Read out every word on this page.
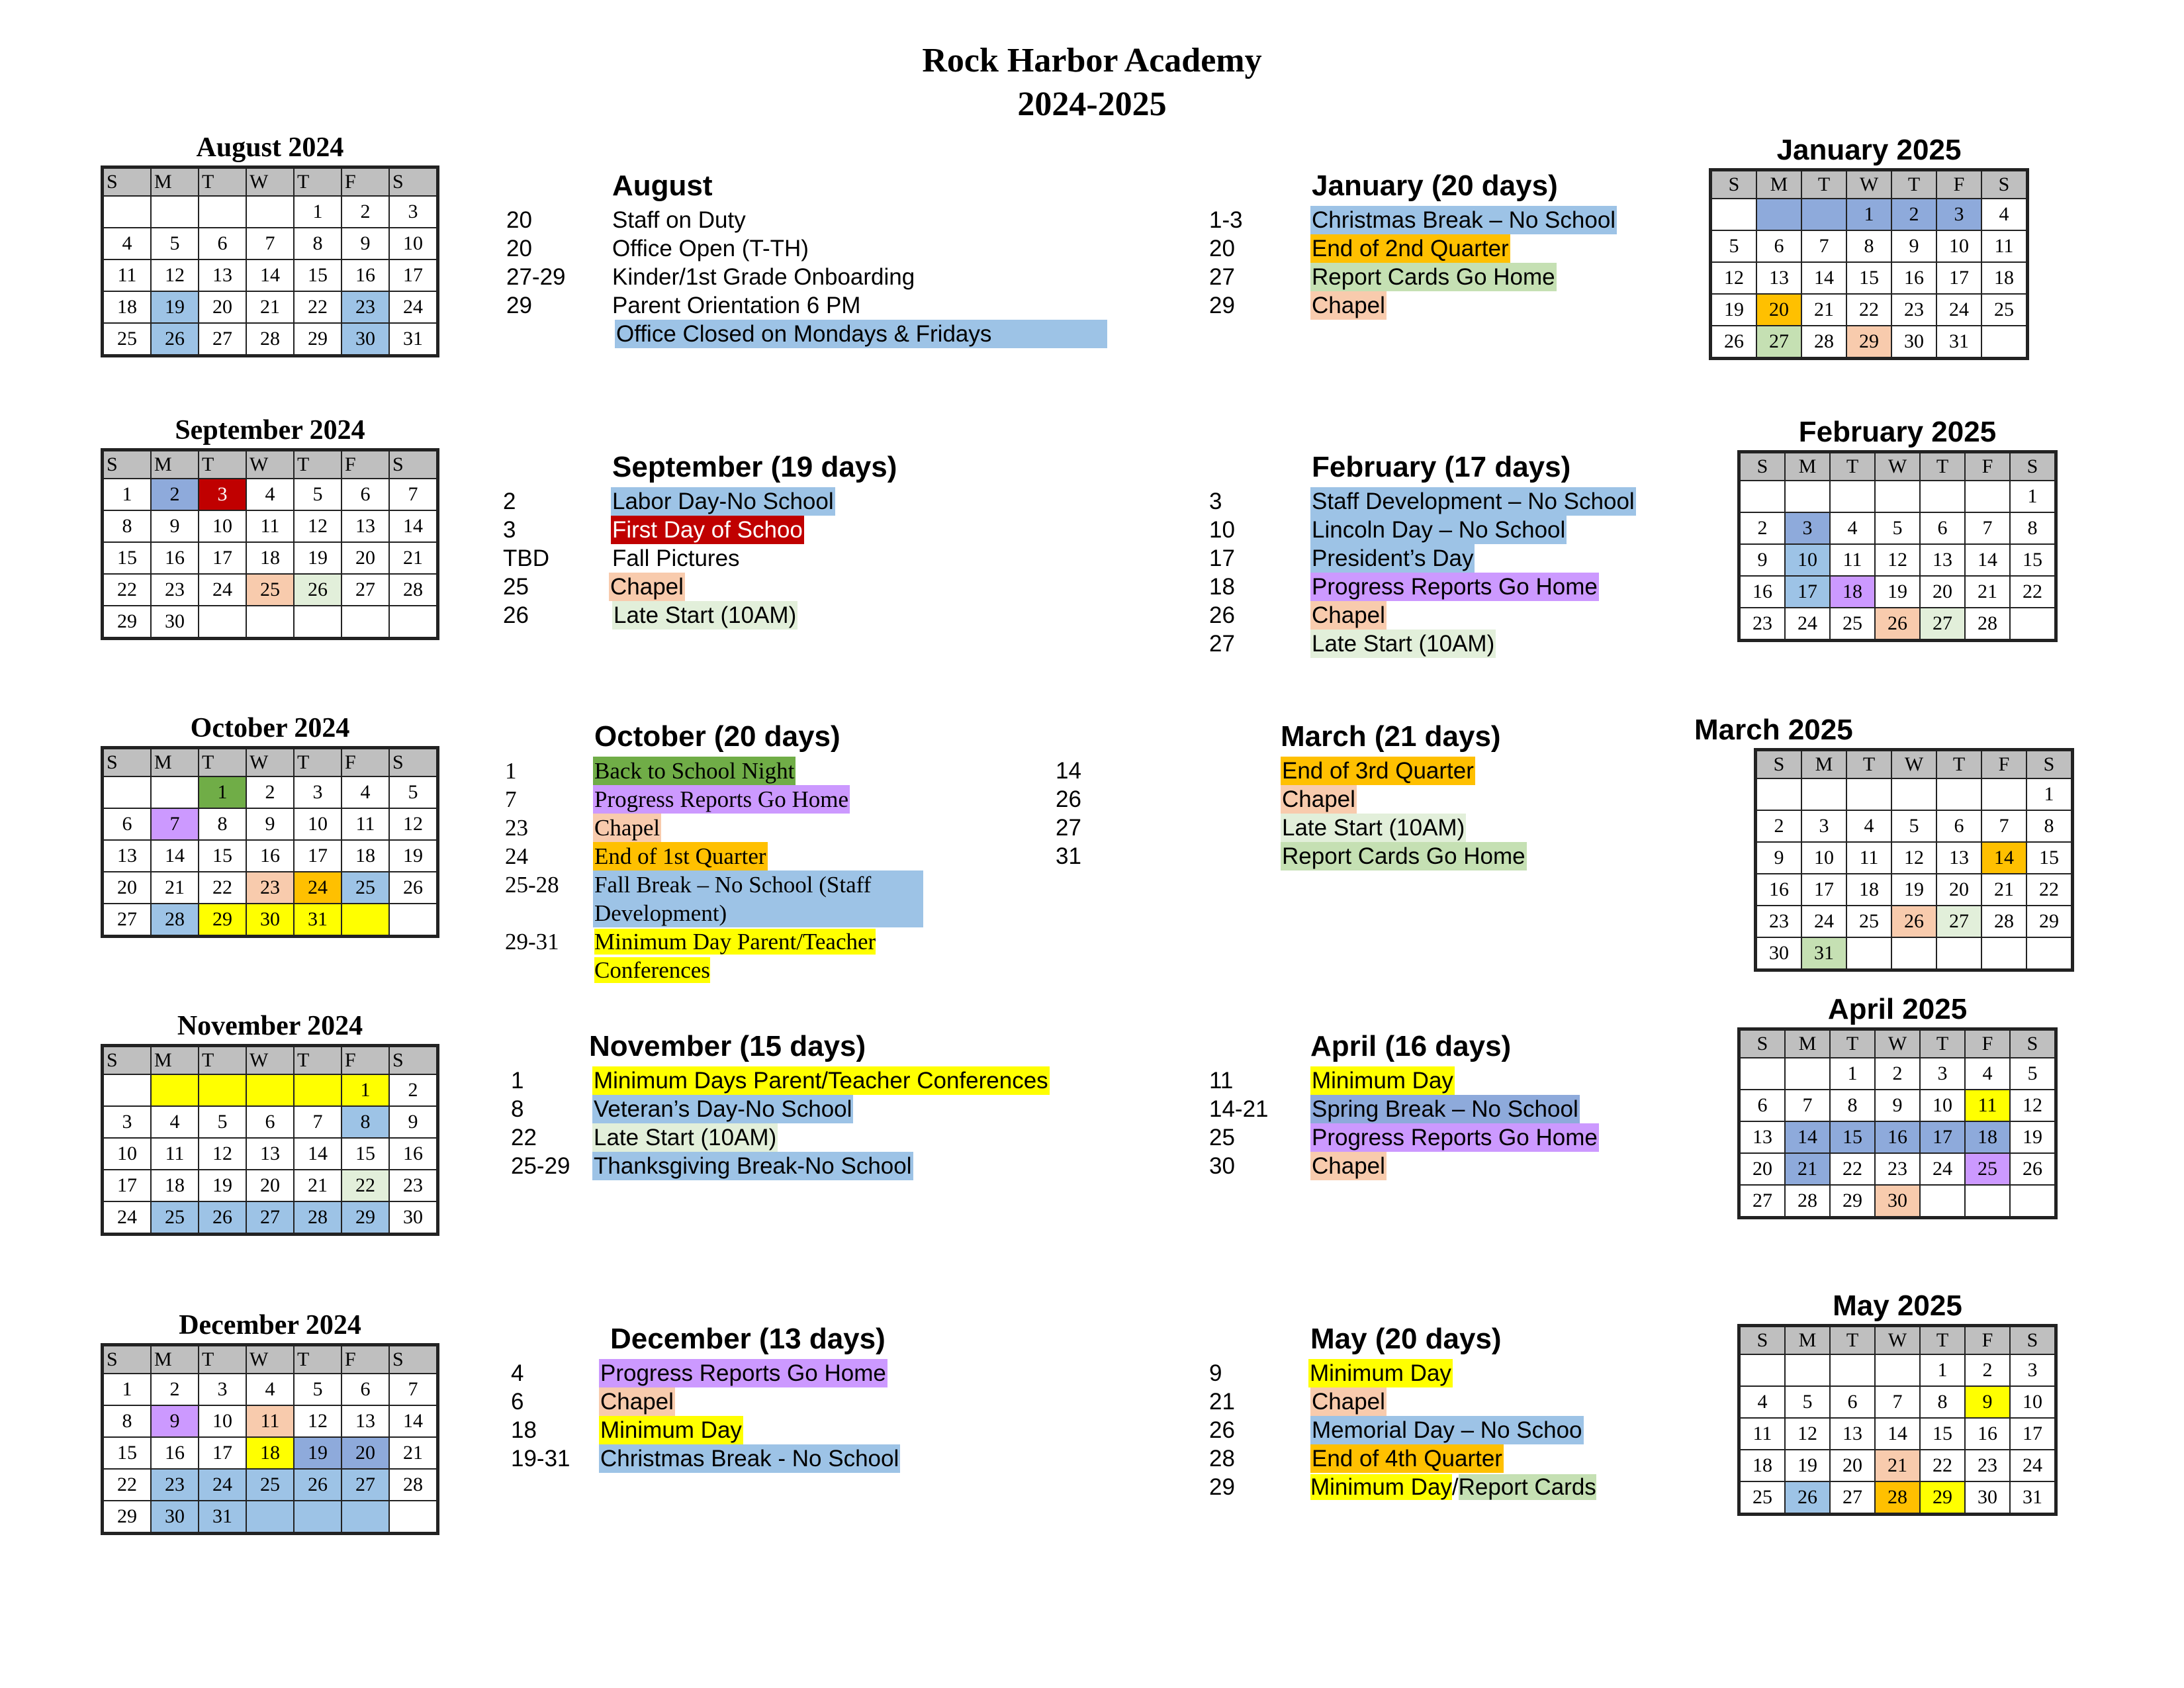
Rock Harbor Academy
2024-2025
August 2024
S	M	T	W	T	F	S
				1	2	3
4	5	6	7	8	9	10
11	12	13	14	15	16	17
18	19	20	21	22	23	24
25	26	27	28	29	30	31
September 2024
S	M	T	W	T	F	S
1	2	3	4	5	6	7
8	9	10	11	12	13	14
15	16	17	18	19	20	21
22	23	24	25	26	27	28
29	30					
October 2024
S	M	T	W	T	F	S
		1	2	3	4	5
6	7	8	9	10	11	12
13	14	15	16	17	18	19
20	21	22	23	24	25	26
27	28	29	30	31		
November 2024
S	M	T	W	T	F	S
					1	2
3	4	5	6	7	8	9
10	11	12	13	14	15	16
17	18	19	20	21	22	23
24	25	26	27	28	29	30
December 2024
S	M	T	W	T	F	S
1	2	3	4	5	6	7
8	9	10	11	12	13	14
15	16	17	18	19	20	21
22	23	24	25	26	27	28
29	30	31				
January 2025
S	M	T	W	T	F	S
			1	2	3	4
5	6	7	8	9	10	11
12	13	14	15	16	17	18
19	20	21	22	23	24	25
26	27	28	29	30	31	
February 2025
S	M	T	W	T	F	S
						1
2	3	4	5	6	7	8
9	10	11	12	13	14	15
16	17	18	19	20	21	22
23	24	25	26	27	28	
March 2025
S	M	T	W	T	F	S
						1
2	3	4	5	6	7	8
9	10	11	12	13	14	15
16	17	18	19	20	21	22
23	24	25	26	27	28	29
30	31					
April 2025
S	M	T	W	T	F	S
		1	2	3	4	5
6	7	8	9	10	11	12
13	14	15	16	17	18	19
20	21	22	23	24	25	26
27	28	29	30			
May 2025
S	M	T	W	T	F	S
				1	2	3
4	5	6	7	8	9	10
11	12	13	14	15	16	17
18	19	20	21	22	23	24
25	26	27	28	29	30	31
August
20	Staff on Duty
20	Office Open (T-TH)
27-29 Kinder/1st Grade Onboarding
29	Parent Orientation 6 PM
Office Closed on Mondays & Fridays
September (19 days)
2	Labor Day-No School
3	First Day of Schoo
TBD	Fall Pictures
25	Chapel
26	Late Start (10AM)
October (20 days)
1	Back to School Night
7	Progress Reports Go Home
23	Chapel
24	End of 1st Quarter
25-28 Fall Break – No School (Staff Development)
29-31 Minimum Day Parent/Teacher Conferences
November (15 days)
1	Minimum Days Parent/Teacher Conferences
8	Veteran’s Day-No School
22 Late Start (10AM)
25-29 Thanksgiving Break-No School
December (13 days)
4	Progress Reports Go Home
6	Chapel
18	Minimum Day
19-31 Christmas Break - No School
January (20 days)
1-3	Christmas Break – No School
20	End of 2nd Quarter
27	Report Cards Go Home
29	Chapel
February (17 days)
3	Staff Development – No School
10	Lincoln Day – No School
17	President’s Day
18	Progress Reports Go Home
26	Chapel
27	Late Start (10AM)
March (21 days)
14	End of 3rd Quarter
26	Chapel
27	Late Start (10AM)
31	Report Cards Go Home
April (16 days)
11	Minimum Day
14-21 Spring Break – No School
25	Progress Reports Go Home
30	Chapel
May (20 days)
9	Minimum Day
21	Chapel
26	Memorial Day – No Schoo
28	End of 4th Quarter
29	Minimum Day/Report Cards
